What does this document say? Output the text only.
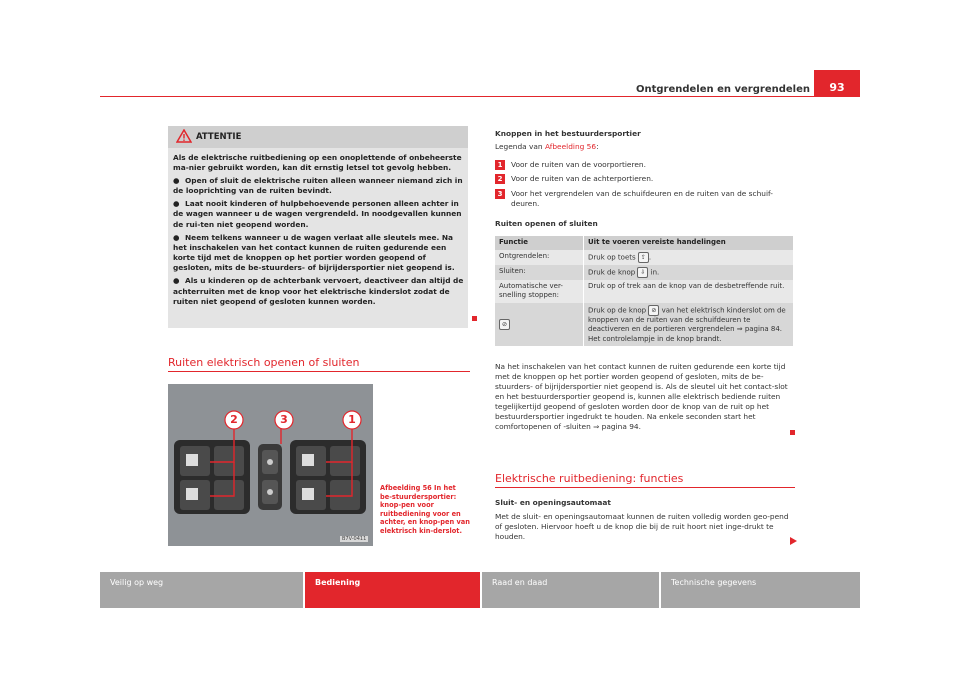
Ontgrendelen en vergrendelen	93
ATTENTIE

Als de elektrische ruitbediening op een onoplettende of onbeheerste ma-nier gebruikt worden, kan dit ernstig letsel tot gevolg hebben.

● Open of sluit de elektrische ruiten alleen wanneer niemand zich in de looprichting van de ruiten bevindt.

● Laat nooit kinderen of hulpbehoevende personen alleen achter in de wagen wanneer u de wagen vergrendeld. In noodgevallen kunnen de rui-ten niet geopend worden.

● Neem telkens wanneer u de wagen verlaat alle sleutels mee. Na het inschakelen van het contact kunnen de ruiten gedurende een korte tijd met de knoppen op het portier worden geopend of gesloten, mits de be-stuurders- of bijrijdersportier niet geopend is.

● Als u kinderen op de achterbank vervoert, deactiveer dan altijd de achterruiten met de knop voor het elektrische kinderslot zodat de ruiten niet geopend of gesloten kunnen worden.

Ruiten elektrisch openen of sluiten
2	3	1
B7V-0411
Afbeelding 56 In het be-stuurdersportier: knop-pen voor ruitbediening voor en achter, en knop-pen van elektrisch kin-derslot.
Knoppen in het bestuurdersportier
Legenda van Afbeelding 56:
1	Voor de ruiten van de voorportieren.
2	Voor de ruiten van de achterportieren.
3	Voor het vergrendelen van de schuifdeuren en de ruiten van de schuif-deuren.
Ruiten openen of sluiten
Functie	Uit te voeren vereiste handelingen
Ontgrendelen:	Druk op toets ⇪ .
Sluiten:	Druk de knop ⇩ in.
Automatische ver-snelling stoppen:	Druk op of trek aan de knop van de desbetreffende ruit.
⊘	Druk op de knop ⊘ van het elektrisch kinderslot om de knoppen van de ruiten van de schuifdeuren te deactiveren en de portieren vergrendelen ⇒ pagina 84. Het controlelampje in de knop brandt.
Na het inschakelen van het contact kunnen de ruiten gedurende een korte tijd met de knoppen op het portier worden geopend of gesloten, mits de be-stuurders- of bijrijdersportier niet geopend is. Als de sleutel uit het contact-slot en het bestuurdersportier geopend is, kunnen alle elektrisch bediende ruiten tegelijkertijd geopend of gesloten worden door de knop van de ruit op het bestuurdersportier ingedrukt te houden. Na enkele seconden start het comfortopenen of -sluiten ⇒ pagina 94.
Elektrische ruitbediening: functies
Sluit- en openingsautomaat
Met de sluit- en openingsautomaat kunnen de ruiten volledig worden geo-pend of gesloten. Hiervoor hoeft u de knop die bij de ruit hoort niet inge-drukt te houden.
Veilig op weg	Bediening	Raad en daad	Technische gegevens
